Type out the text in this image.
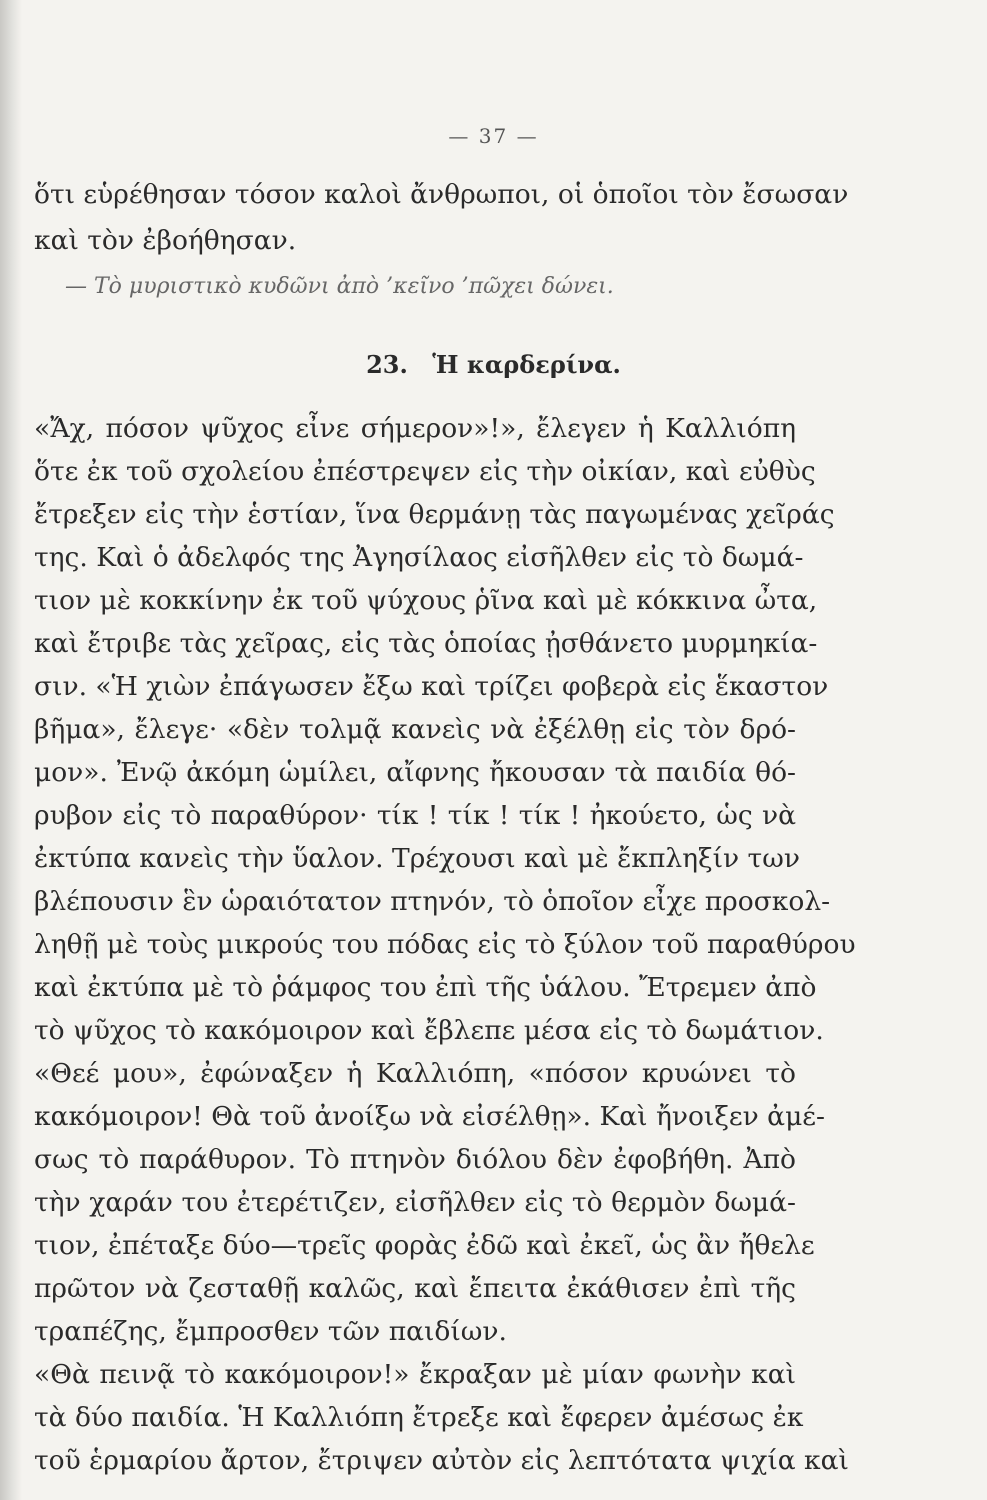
— 37 —
ὅτι εὑρέθησαν τόσον καλοὶ ἄνθρωποι, οἱ ὁποῖοι τὸν ἔσωσαν
καὶ τὸν ἐβοήθησαν.
— Τὸ μυριστικὸ κυδῶνι ἀπὸ ’κεῖνο ’πῶχει δώνει.
23. Ἡ καρδερίνα.
«Ἄχ, πόσον ψῦχος εἶνε σήμερον»!», ἔλεγεν ἡ Καλλιόπη
ὅτε ἐκ τοῦ σχολείου ἐπέστρεψεν εἰς τὴν οἰκίαν, καὶ εὐθὺς
ἔτρεξεν εἰς τὴν ἑστίαν, ἵνα θερμάνῃ τὰς παγωμένας χεῖράς
της. Καὶ ὁ ἀδελφός της Ἀγησίλαος εἰσῆλθεν εἰς τὸ δωμά-
τιον μὲ κοκκίνην ἐκ τοῦ ψύχους ῥῖνα καὶ μὲ κόκκινα ὦτα,
καὶ ἔτριβε τὰς χεῖρας, εἰς τὰς ὁποίας ᾐσθάνετο μυρμηκία-
σιν. «Ἡ χιὼν ἐπάγωσεν ἔξω καὶ τρίζει φοβερὰ εἰς ἕκαστον
βῆμα», ἔλεγε· «δὲν τολμᾷ κανεὶς νὰ ἐξέλθῃ εἰς τὸν δρό-
μον». Ἐνῷ ἀκόμη ὡμίλει, αἴφνης ἤκουσαν τὰ παιδία θό-
ρυβον εἰς τὸ παραθύρον· τίκ ! τίκ ! τίκ ! ἠκούετο, ὡς νὰ
ἐκτύπα κανεὶς τὴν ὕαλον. Τρέχουσι καὶ μὲ ἔκπληξίν των
βλέπουσιν ἓν ὡραιότατον πτηνόν, τὸ ὁποῖον εἶχε προσκολ-
ληθῇ μὲ τοὺς μικρούς του πόδας εἰς τὸ ξύλον τοῦ παραθύρου
καὶ ἐκτύπα μὲ τὸ ῥάμφος του ἐπὶ τῆς ὑάλου. Ἔτρεμεν ἀπὸ
τὸ ψῦχος τὸ κακόμοιρον καὶ ἔβλεπε μέσα εἰς τὸ δωμάτιον.
«Θεέ μου», ἐφώναξεν ἡ Καλλιόπη, «πόσον κρυώνει τὸ
κακόμοιρον! Θὰ τοῦ ἀνοίξω νὰ εἰσέλθῃ». Καὶ ἤνοιξεν ἀμέ-
σως τὸ παράθυρον. Τὸ πτηνὸν διόλου δὲν ἐφοβήθη. Ἀπὸ
τὴν χαράν του ἐτερέτιζεν, εἰσῆλθεν εἰς τὸ θερμὸν δωμά-
τιον, ἐπέταξε δύο—τρεῖς φορὰς ἐδῶ καὶ ἐκεῖ, ὡς ἂν ἤθελε
πρῶτον νὰ ζεσταθῇ καλῶς, καὶ ἔπειτα ἐκάθισεν ἐπὶ τῆς
τραπέζης, ἔμπροσθεν τῶν παιδίων.
«Θὰ πεινᾷ τὸ κακόμοιρον!» ἔκραξαν μὲ μίαν φωνὴν καὶ
τὰ δύο παιδία. Ἡ Καλλιόπη ἔτρεξε καὶ ἔφερεν ἀμέσως ἐκ
τοῦ ἑρμαρίου ἄρτον, ἔτριψεν αὐτὸν εἰς λεπτότατα ψιχία καὶ
